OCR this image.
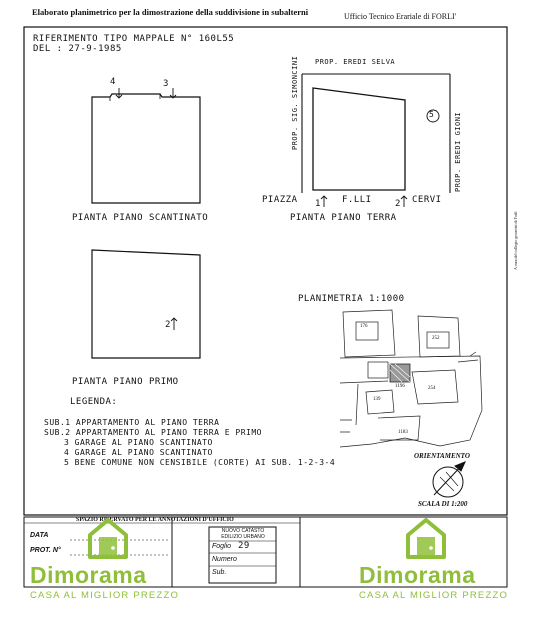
Elaborato planimetrico per la dimostrazione della suddivisione in subalterni	Ufficio Tecnico Erariale di FORLI'
RIFERIMENTO TIPO MAPPALE N° 160L55
DEL : 27-9-1985
4	3
PROP. EREDI SELVA
PROP. SIG. SIMONCINI
PROP. EREDI GIONI
5
PIAZZA	F.LLI	CERVI
1	2
PIANTA PIANO SCANTINATO	PIANTA PIANO TERRA
2
PIANTA PIANO PRIMO
PLANIMETRIA 1:1000
176
252
139
1196	254
1183
LEGENDA:
SUB.1 APPARTAMENTO AL PIANO TERRA
SUB.2 APPARTAMENTO AL PIANO TERRA E PRIMO
3 GARAGE AL PIANO SCANTINATO
4 GARAGE AL PIANO SCANTINATO
5 BENE COMUNE NON CENSIBILE (CORTE) AI SUB. 1-2-3-4
ORIENTAMENTO
SCALA DI 1:200
A cura del collegio geometri di Forlì
SPAZIO RISERVATO PER LE ANNOTAZIONI D'UFFICIO
DATA
PROT. N°
NUOVO CATASTO EDILIZIO URBANO
Foglio 29
Numero
Sub.
Dimorama
CASA AL MIGLIOR PREZZO
Dimorama
CASA AL MIGLIOR PREZZO
